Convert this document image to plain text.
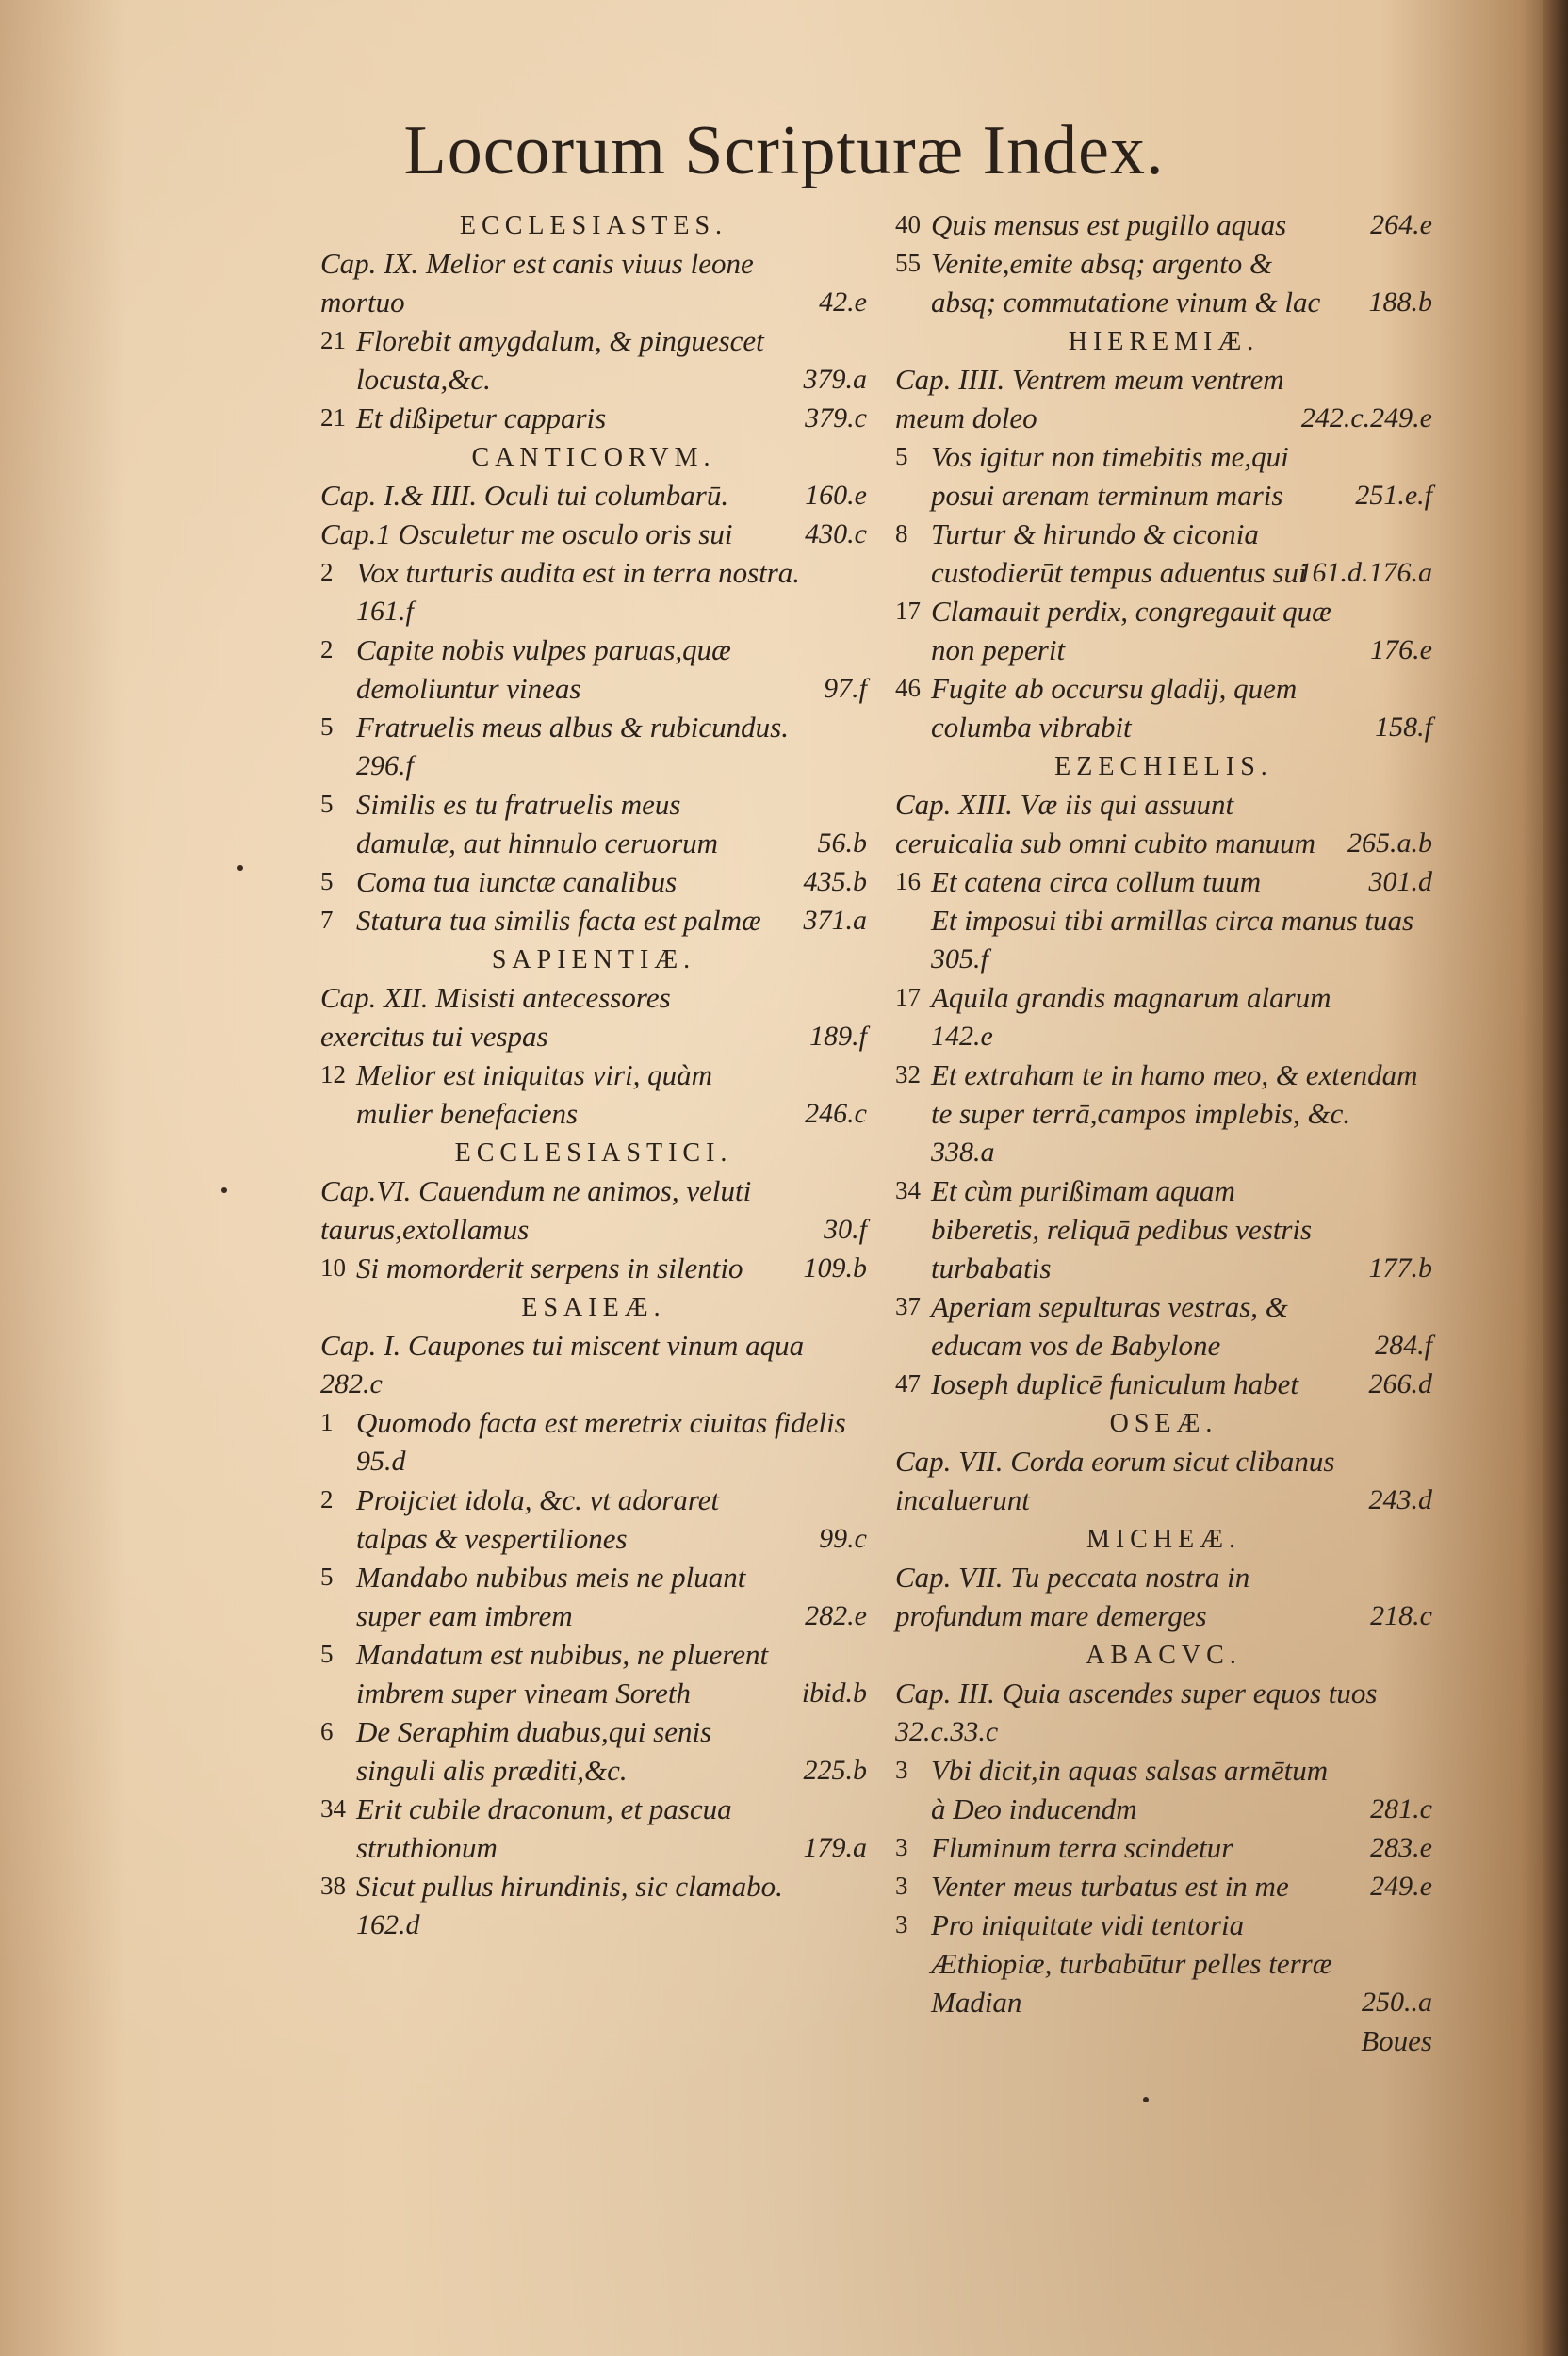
Locorum Scripturæ Index.
ECCLESIASTES.
Cap. IX. Melior est canis viuus leone mortuo	42.e
21 Florebit amygdalum, & pinguescet locusta,&c.	379.a
21 Et dißipetur capparis	379.c
CANTICORVM.
Cap. I.& IIII. Oculi tui columbarū.	160.e
Cap.1 Osculetur me osculo oris sui	430.c
2 Vox turturis audita est in terra nostra.
161.f
2 Capite nobis vulpes paruas,quæ demoliuntur vineas	97.f
5 Fratruelis meus albus & rubicundus.
296.f
5 Similis es tu fratruelis meus damulæ, aut hinnulo ceruorum	56.b
5 Coma tua iunctæ canalibus	435.b
7 Statura tua similis facta est palmæ 371.a
SAPIENTIÆ.
Cap. XII. Misisti antecessores exercitus tui vespas	189.f
12 Melior est iniquitas viri, quàm mulier benefaciens	246.c
ECCLESIASTICI.
Cap.VI. Cauendum ne animos, veluti taurus,extollamus	30.f
10 Si momorderit serpens in silentio 109.b
ESAIEÆ.
Cap. I. Caupones tui miscent vinum aqua
282.c
1 Quomodo facta est meretrix ciuitas fidelis
95.d
2 Proijciet idola, &c. vt adoraret talpas & vespertiliones	99.c
5 Mandabo nubibus meis ne pluant super eam imbrem	282.e
5 Mandatum est nubibus, ne pluerent imbrem super vineam Soreth	ibid.b
6 De Seraphim duabus,qui senis singuli alis præditi,&c.	225.b
34 Erit cubile draconum, et pascua struthionum	179.a
38 Sicut pullus hirundinis, sic clamabo.
162.d
40 Quis mensus est pugillo aquas	264.e
55 Venite,emite absq; argento & absq; commutatione vinum & lac 188.b
HIEREMIÆ.
Cap. IIII. Ventrem meum ventrem meum doleo	242.c.249.e
5 Vos igitur non timebitis me,qui posui arenam terminum maris	251.e.f
8 Turtur & hirundo & ciconia custodierūt tempus aduentus sui
161.d.176.a
17 Clamauit perdix, congregauit quæ non peperit	176.e
46 Fugite ab occursu gladij, quem columba vibrabit	158.f
EZECHIELIS.
Cap. XIII. Væ iis qui assuunt ceruicalia sub omni cubito manuum 265.a.b
16 Et catena circa collum tuum	301.d
Et imposui tibi armillas circa manus tuas
305.f
17 Aquila grandis magnarum alarum
142.e
32 Et extraham te in hamo meo, & extendam te super terrā,campos implebis, &c.
338.a
34 Et cùm purißimam aquam biberetis, reliquā pedibus vestris turbabatis	177.b
37 Aperiam sepulturas vestras, & educam vos de Babylone	284.f
47 Ioseph duplicē funiculum habet 266.d
OSEÆ.
Cap. VII. Corda eorum sicut clibanus incaluerunt	243.d
MICHEÆ.
Cap. VII. Tu peccata nostra in profundum mare demerges	218.c
ABACVC.
Cap. III. Quia ascendes super equos tuos
32.c.33.c
3 Vbi dicit,in aquas salsas armētum à Deo inducendm	281.c
3 Fluminum terra scindetur	283.e
3 Venter meus turbatus est in me	249.e
3 Pro iniquitate vidi tentoria Æthiopiæ, turbabūtur pelles terræ Madian	250..a
Boues
